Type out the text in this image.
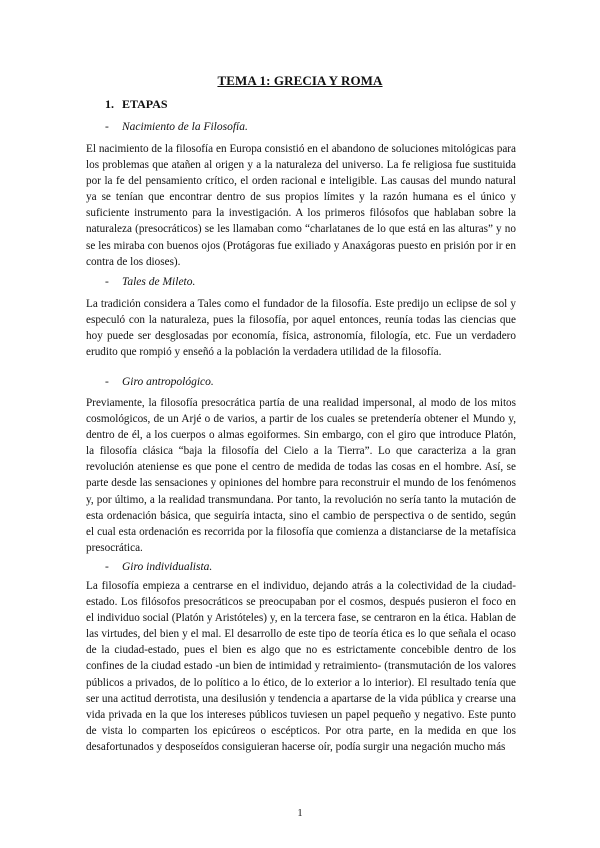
TEMA 1: GRECIA Y ROMA

1. ETAPAS

- Nacimiento de la Filosofía.

El nacimiento de la filosofía en Europa consistió en el abandono de soluciones mitológicas para los problemas que atañen al origen y a la naturaleza del universo. La fe religiosa fue sustituida por la fe del pensamiento crítico, el orden racional e inteligible. Las causas del mundo natural ya se tenían que encontrar dentro de sus propios límites y la razón humana es el único y suficiente instrumento para la investigación. A los primeros filósofos que hablaban sobre la naturaleza (presocráticos) se les llamaban como “charlatanes de lo que está en las alturas” y no se les miraba con buenos ojos (Protágoras fue exiliado y Anaxágoras puesto en prisión por ir en contra de los dioses).

- Tales de Mileto.

La tradición considera a Tales como el fundador de la filosofía. Este predijo un eclipse de sol y especuló con la naturaleza, pues la filosofía, por aquel entonces, reunía todas las ciencias que hoy puede ser desglosadas por economía, física, astronomía, filología, etc. Fue un verdadero erudito que rompió y enseñó a la población la verdadera utilidad de la filosofía.

- Giro antropológico.

Previamente, la filosofía presocrática partía de una realidad impersonal, al modo de los mitos cosmológicos, de un Arjé o de varios, a partir de los cuales se pretendería obtener el Mundo y, dentro de él, a los cuerpos o almas egoiformes. Sin embargo, con el giro que introduce Platón, la filosofía clásica “baja la filosofía del Cielo a la Tierra”. Lo que caracteriza a la gran revolución ateniense es que pone el centro de medida de todas las cosas en el hombre. Así, se parte desde las sensaciones y opiniones del hombre para reconstruir el mundo de los fenómenos y, por último, a la realidad transmundana. Por tanto, la revolución no sería tanto la mutación de esta ordenación básica, que seguiría intacta, sino el cambio de perspectiva o de sentido, según el cual esta ordenación es recorrida por la filosofía que comienza a distanciarse de la metafísica presocrática.

- Giro individualista.

La filosofía empieza a centrarse en el individuo, dejando atrás a la colectividad de la ciudad-estado. Los filósofos presocráticos se preocupaban por el cosmos, después pusieron el foco en el individuo social (Platón y Aristóteles) y, en la tercera fase, se centraron en la ética. Hablan de las virtudes, del bien y el mal. El desarrollo de este tipo de teoría ética es lo que señala el ocaso de la ciudad-estado, pues el bien es algo que no es estrictamente concebible dentro de los confines de la ciudad estado -un bien de intimidad y retraimiento- (transmutación de los valores públicos a privados, de lo político a lo ético, de lo exterior a lo interior). El resultado tenía que ser una actitud derrotista, una desilusión y tendencia a apartarse de la vida pública y crearse una vida privada en la que los intereses públicos tuviesen un papel pequeño y negativo. Este punto de vista lo comparten los epicúreos o escépticos. Por otra parte, en la medida en que los desafortunados y desposeídos consiguieran hacerse oír, podía surgir una negación mucho más

1
